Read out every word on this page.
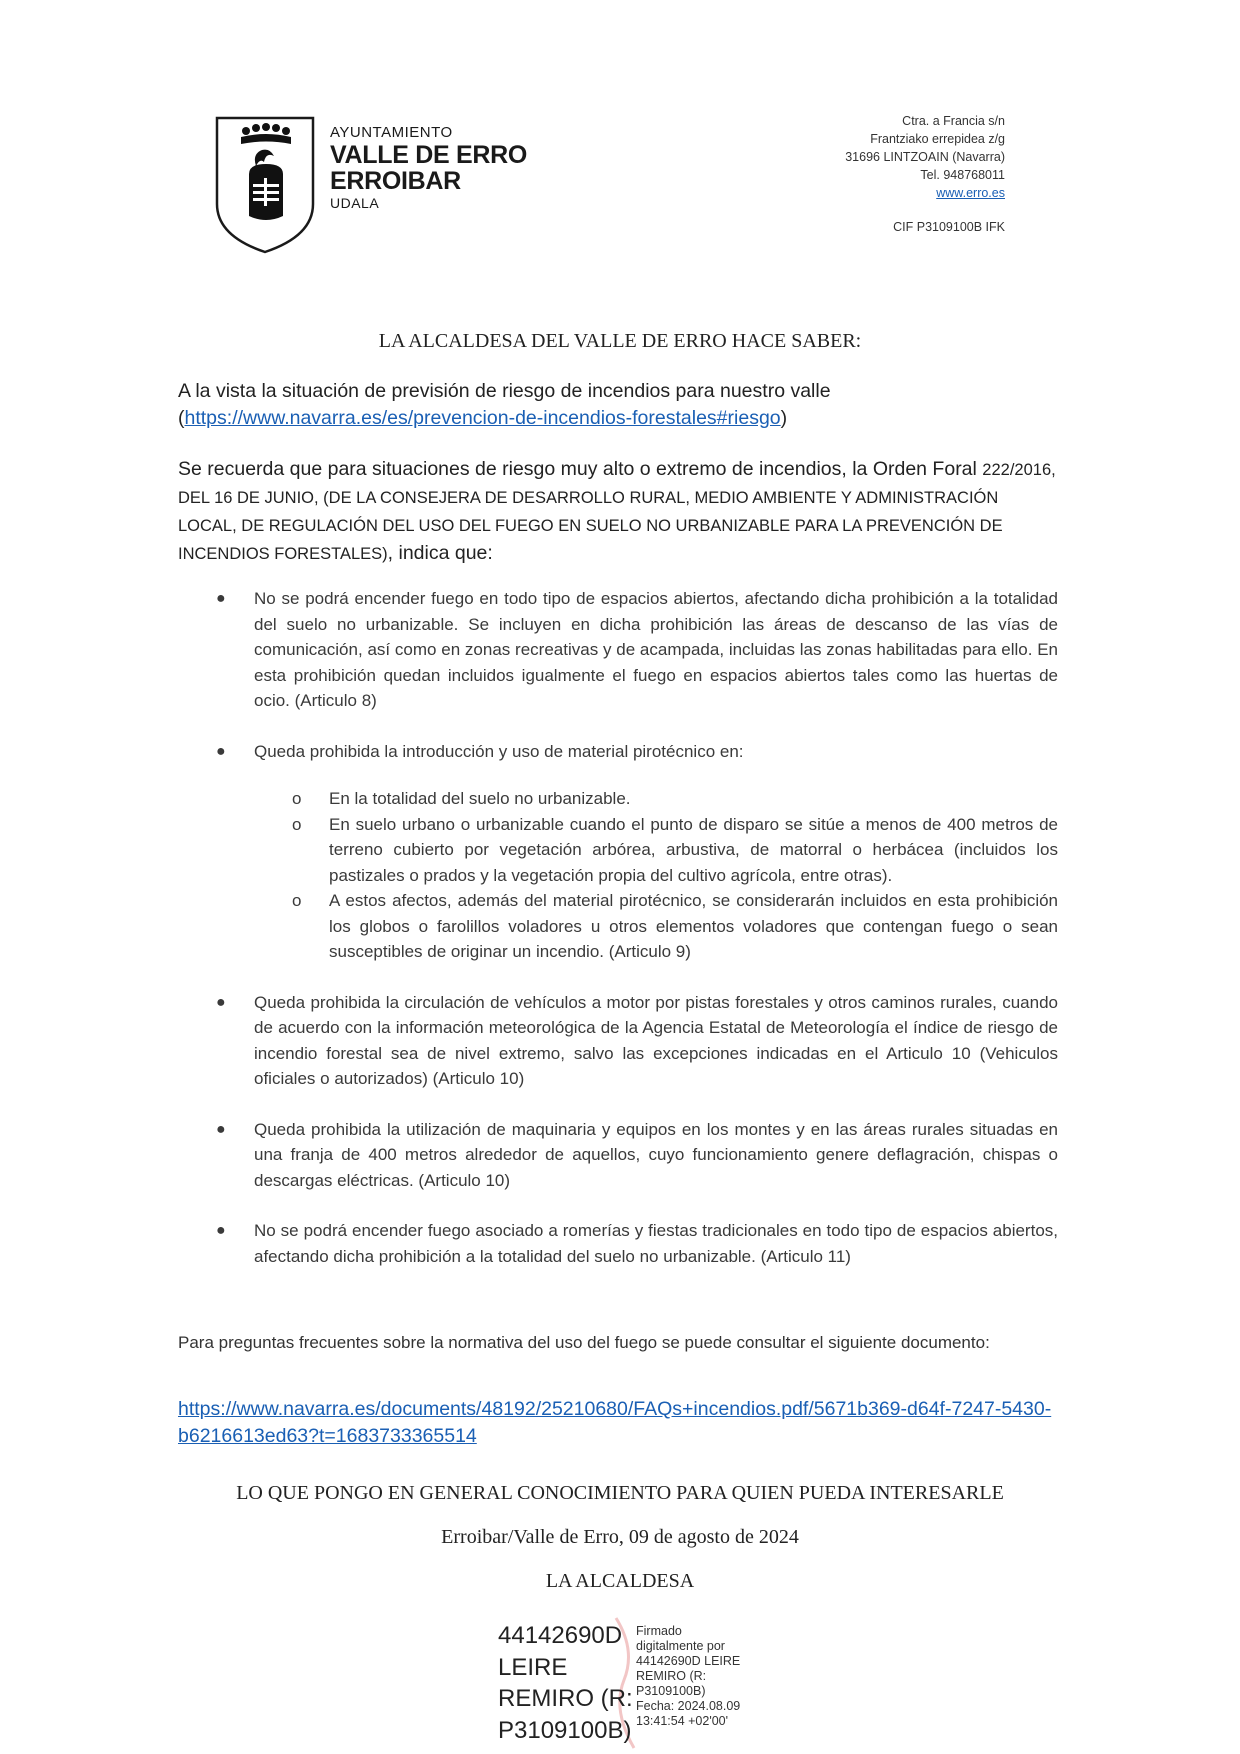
AYUNTAMIENTO
VALLE DE ERRO
ERROIBAR
UDALA
Ctra. a Francia s/n
Frantziako errepidea z/g
31696 LINTZOAIN (Navarra)
Tel. 948768011
www.erro.es
CIF P3109100B IFK
LA ALCALDESA DEL VALLE DE ERRO HACE SABER:
A la vista la situación de previsión de riesgo de incendios para nuestro valle
(https://www.navarra.es/es/prevencion-de-incendios-forestales#riesgo)
Se recuerda que para situaciones de riesgo muy alto o extremo de incendios, la Orden Foral 222/2016, DEL 16 DE JUNIO, (DE LA CONSEJERA DE DESARROLLO RURAL, MEDIO AMBIENTE Y ADMINISTRACIÓN LOCAL, DE REGULACIÓN DEL USO DEL FUEGO EN SUELO NO URBANIZABLE PARA LA PREVENCIÓN DE INCENDIOS FORESTALES), indica que:
● No se podrá encender fuego en todo tipo de espacios abiertos, afectando dicha prohibición a la totalidad del suelo no urbanizable. Se incluyen en dicha prohibición las áreas de descanso de las vías de comunicación, así como en zonas recreativas y de acampada, incluidas las zonas habilitadas para ello. En esta prohibición quedan incluidos igualmente el fuego en espacios abiertos tales como las huertas de ocio. (Articulo 8)
● Queda prohibida la introducción y uso de material pirotécnico en:
o En la totalidad del suelo no urbanizable.
o En suelo urbano o urbanizable cuando el punto de disparo se sitúe a menos de 400 metros de terreno cubierto por vegetación arbórea, arbustiva, de matorral o herbácea (incluidos los pastizales o prados y la vegetación propia del cultivo agrícola, entre otras).
o A estos afectos, además del material pirotécnico, se considerarán incluidos en esta prohibición los globos o farolillos voladores u otros elementos voladores que contengan fuego o sean susceptibles de originar un incendio. (Articulo 9)
● Queda prohibida la circulación de vehículos a motor por pistas forestales y otros caminos rurales, cuando de acuerdo con la información meteorológica de la Agencia Estatal de Meteorología el índice de riesgo de incendio forestal sea de nivel extremo, salvo las excepciones indicadas en el Articulo 10 (Vehiculos oficiales o autorizados) (Articulo 10)
● Queda prohibida la utilización de maquinaria y equipos en los montes y en las áreas rurales situadas en una franja de 400 metros alrededor de aquellos, cuyo funcionamiento genere deflagración, chispas o descargas eléctricas. (Articulo 10)
● No se podrá encender fuego asociado a romerías y fiestas tradicionales en todo tipo de espacios abiertos, afectando dicha prohibición a la totalidad del suelo no urbanizable. (Articulo 11)
Para preguntas frecuentes sobre la normativa del uso del fuego se puede consultar el siguiente documento:
https://www.navarra.es/documents/48192/25210680/FAQs+incendios.pdf/5671b369-d64f-7247-5430-b6216613ed63?t=1683733365514
LO QUE PONGO EN GENERAL CONOCIMIENTO PARA QUIEN PUEDA INTERESARLE
Erroibar/Valle de Erro, 09 de agosto de 2024
LA ALCALDESA
44142690D
LEIRE
REMIRO (R:
P3109100B)
Firmado
digitalmente por
44142690D LEIRE
REMIRO (R:
P3109100B)
Fecha: 2024.08.09
13:41:54 +02'00'
